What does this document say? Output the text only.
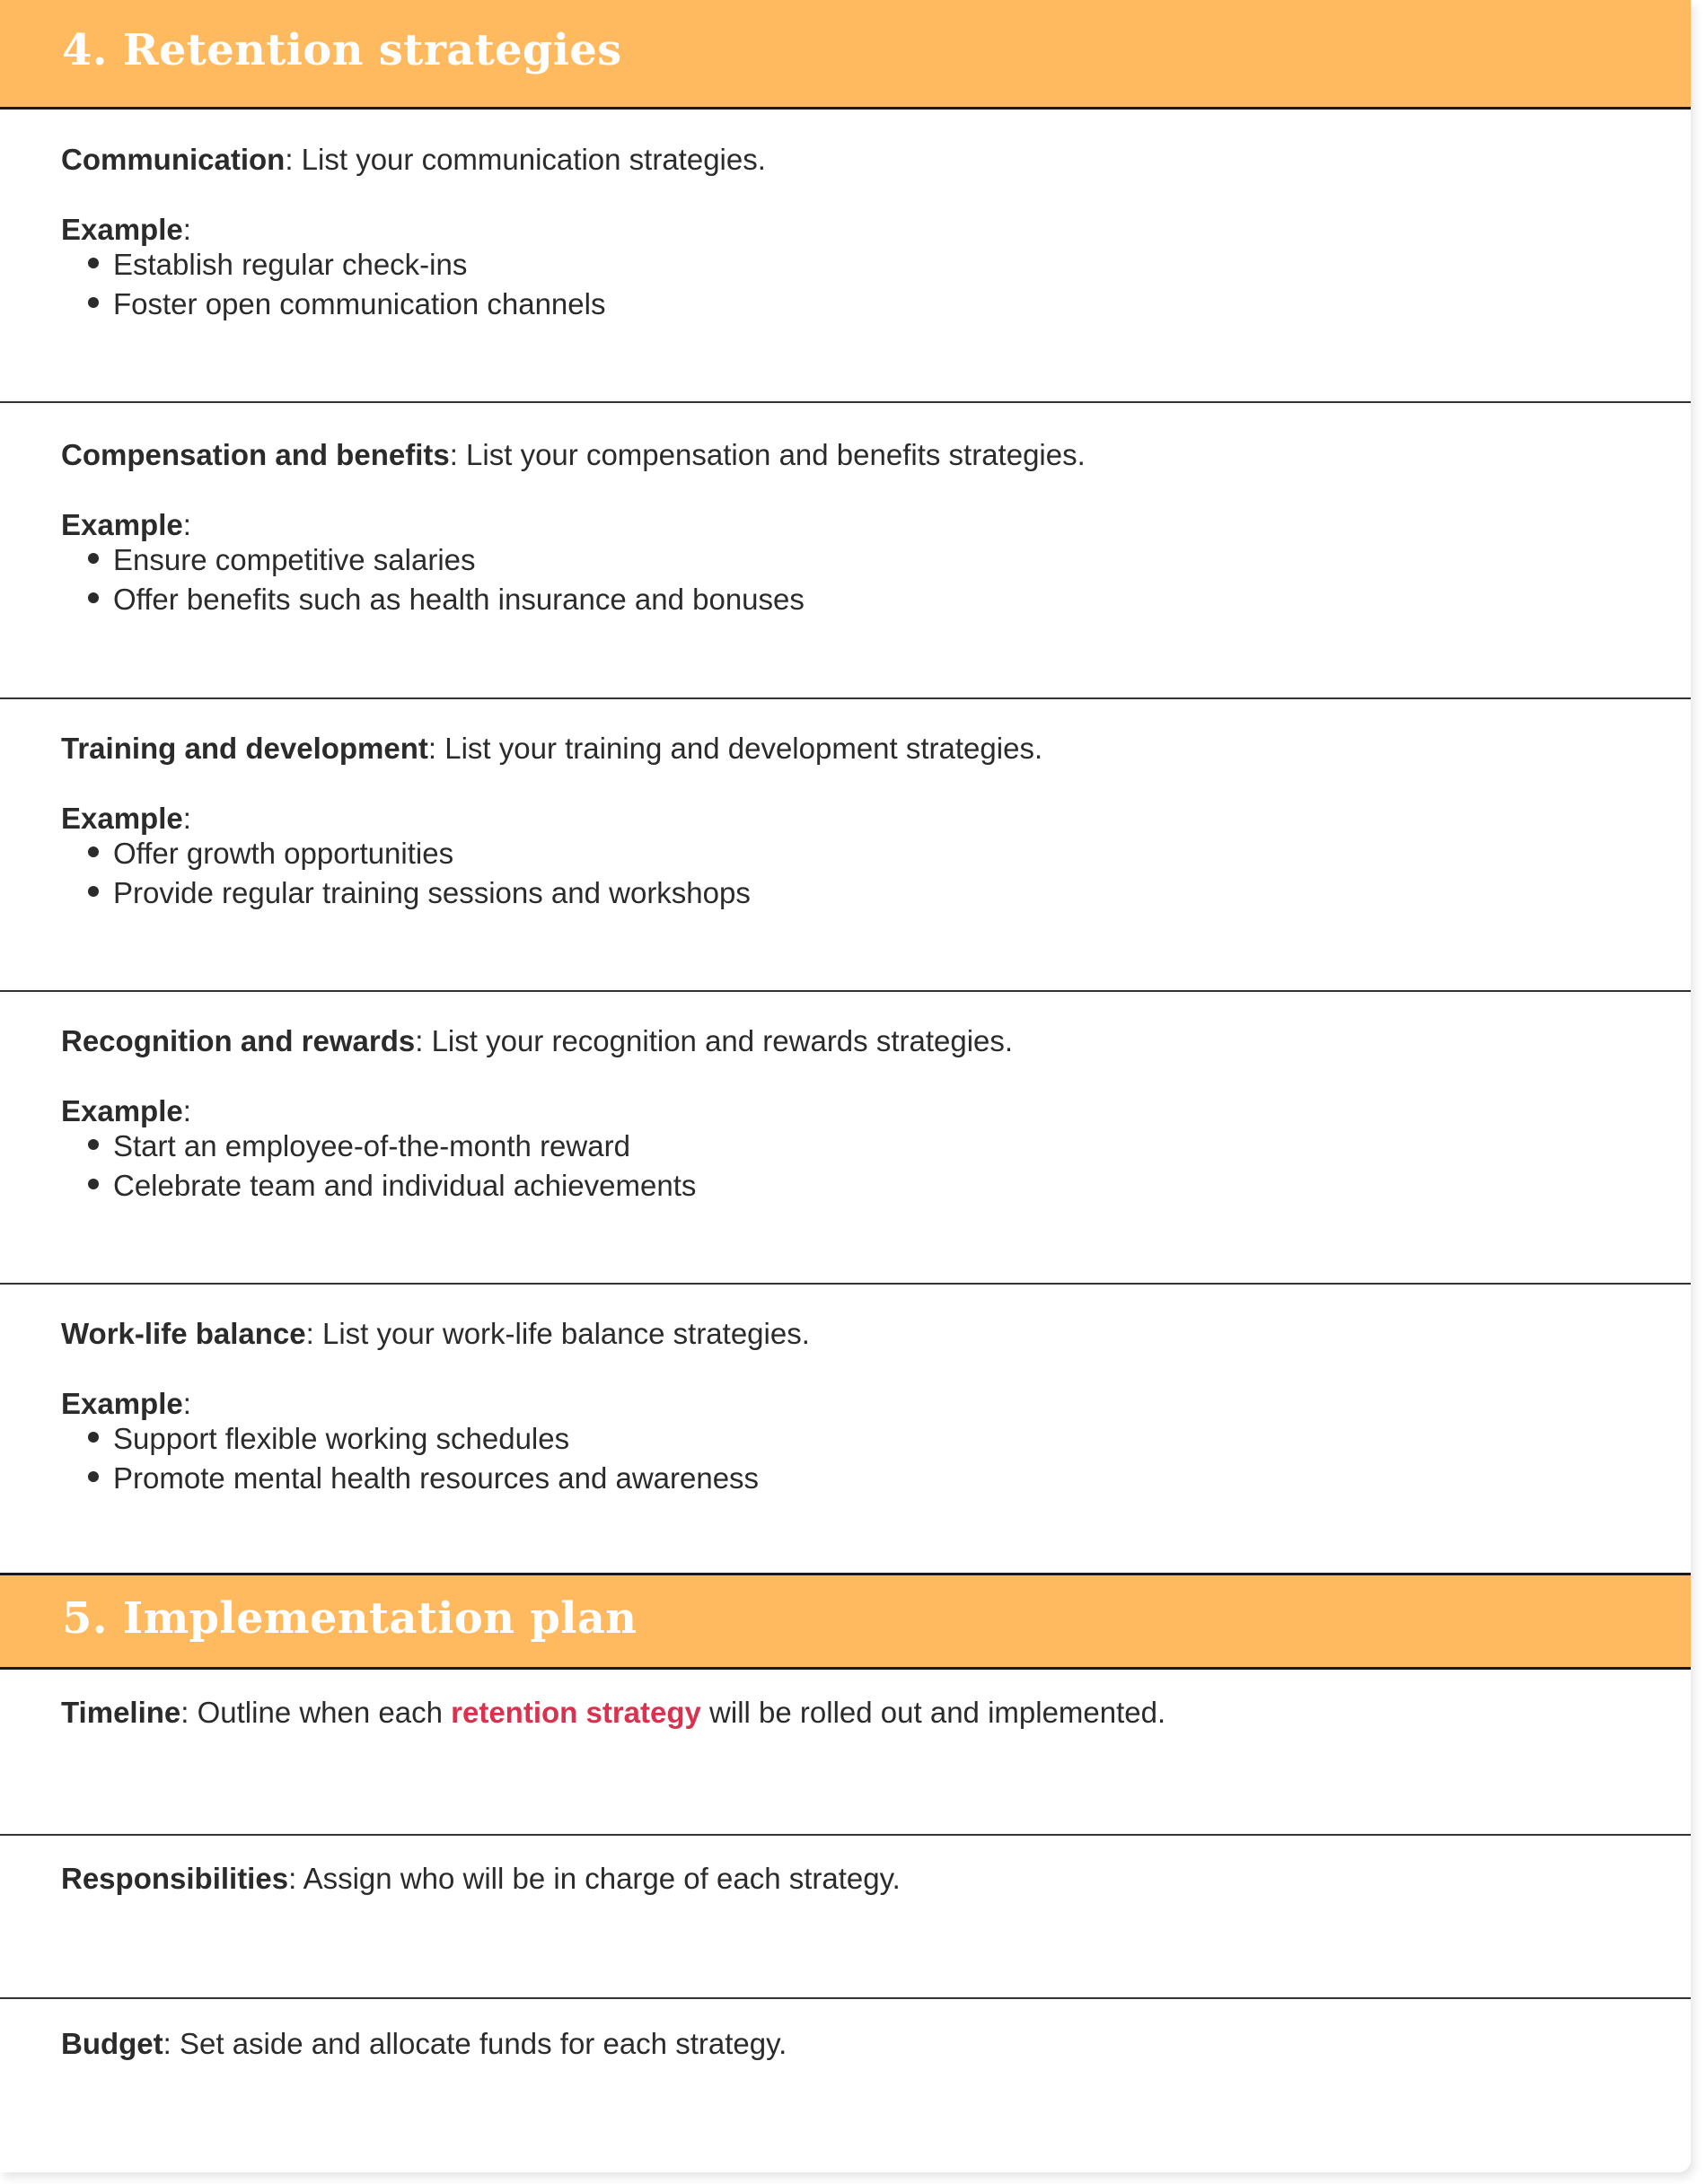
4. Retention strategies
Communication: List your communication strategies.
Example:
Establish regular check-ins
Foster open communication channels
Compensation and benefits: List your compensation and benefits strategies.
Example:
Ensure competitive salaries
Offer benefits such as health insurance and bonuses
Training and development: List your training and development strategies.
Example:
Offer growth opportunities
Provide regular training sessions and workshops
Recognition and rewards: List your recognition and rewards strategies.
Example:
Start an employee-of-the-month reward
Celebrate team and individual achievements
Work-life balance: List your work-life balance strategies.
Example:
Support flexible working schedules
Promote mental health resources and awareness
5. Implementation plan
Timeline: Outline when each retention strategy will be rolled out and implemented.
Responsibilities: Assign who will be in charge of each strategy.
Budget: Set aside and allocate funds for each strategy.
